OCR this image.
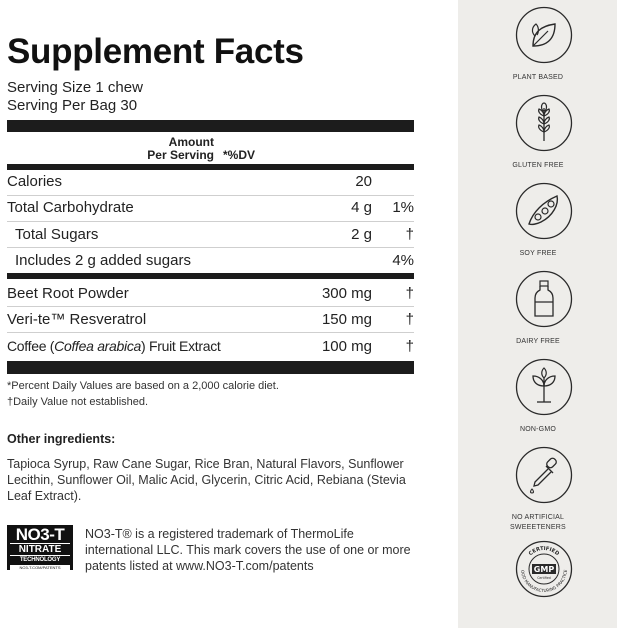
Supplement Facts
Serving Size 1 chew
Serving Per Bag 30
Amount
Per Serving *%DV
Calories	20
Total Carbohydrate	4 g 1%
Total Sugars	2 g †
Includes 2 g added sugars	4%
Beet Root Powder	300 mg †
Veri-te™ Resveratrol	150 mg †
Coffee (Coffea arabica) Fruit Extract	100 mg †
*Percent Daily Values are based on a 2,000 calorie diet.
†Daily Value not established.
Other ingredients:
Tapioca Syrup, Raw Cane Sugar, Rice Bran, Natural Flavors, Sunflower Lecithin, Sunflower Oil, Malic Acid, Glycerin, Citric Acid, Rebiana (Stevia Leaf Extract).
NO3-T
NITRATE
TECHNOLOGY
NO3-T.COM/PATENTS
NO3-T® is a registered trademark of ThermoLife international LLC. This mark covers the use of one or more patents listed at www.NO3-T.com/patents
PLANT BASED
GLUTEN FREE
SOY FREE
DAIRY FREE
NON-GMO
NO ARTIFICIAL
SWEEETENERS
CERTIFIED
OOD MANUFACTURING PRACTICE
GMP
Certified
